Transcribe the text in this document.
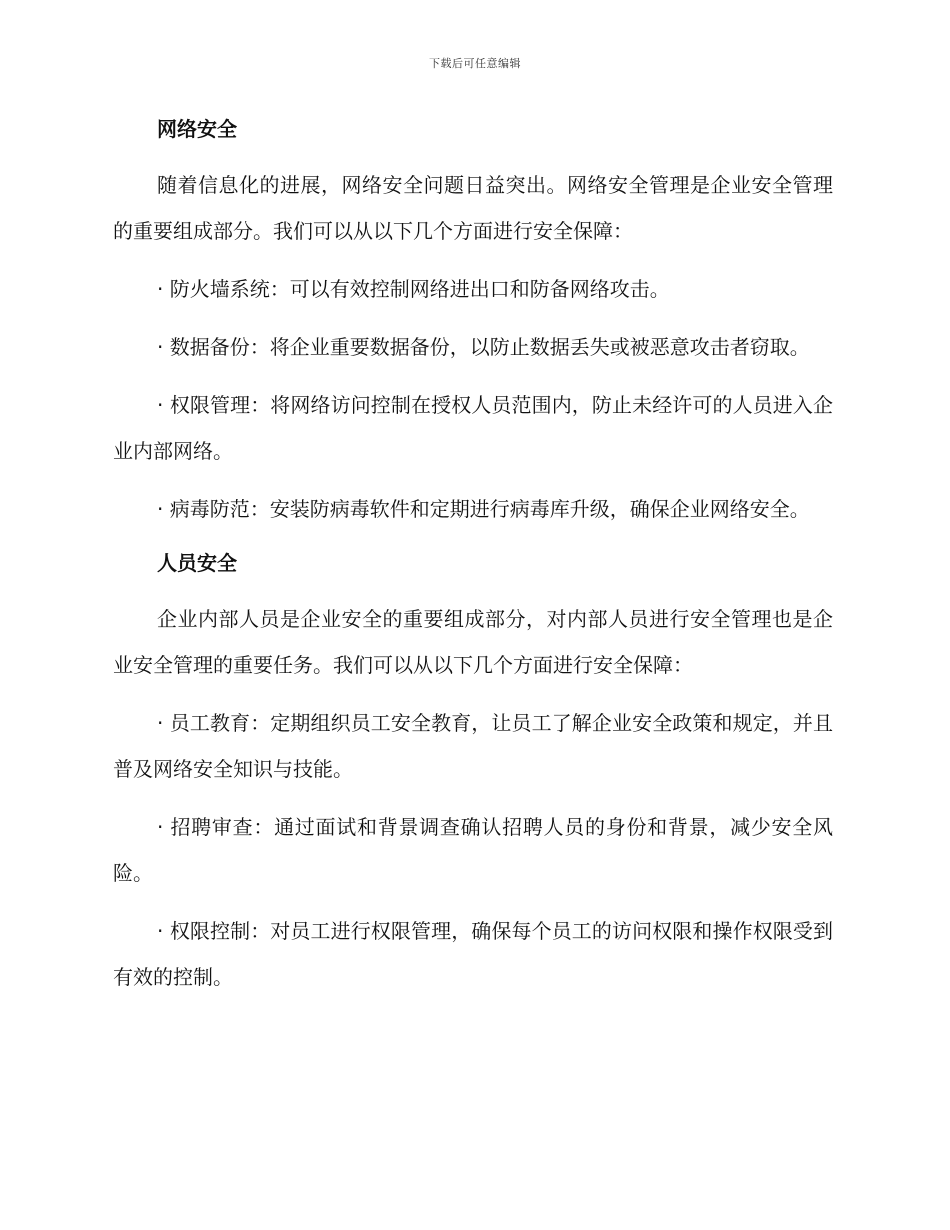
下载后可任意编辑

网络安全

随着信息化的进展，网络安全问题日益突出。网络安全管理是企业安全管理的重要组成部分。我们可以从以下几个方面进行安全保障：

· 防火墙系统：可以有效控制网络进出口和防备网络攻击。

· 数据备份：将企业重要数据备份，以防止数据丢失或被恶意攻击者窃取。

· 权限管理：将网络访问控制在授权人员范围内，防止未经许可的人员进入企业内部网络。

· 病毒防范：安装防病毒软件和定期进行病毒库升级，确保企业网络安全。

人员安全

企业内部人员是企业安全的重要组成部分，对内部人员进行安全管理也是企业安全管理的重要任务。我们可以从以下几个方面进行安全保障：

· 员工教育：定期组织员工安全教育，让员工了解企业安全政策和规定，并且普及网络安全知识与技能。

· 招聘审查：通过面试和背景调查确认招聘人员的身份和背景，减少安全风险。

· 权限控制：对员工进行权限管理，确保每个员工的访问权限和操作权限受到有效的控制。
